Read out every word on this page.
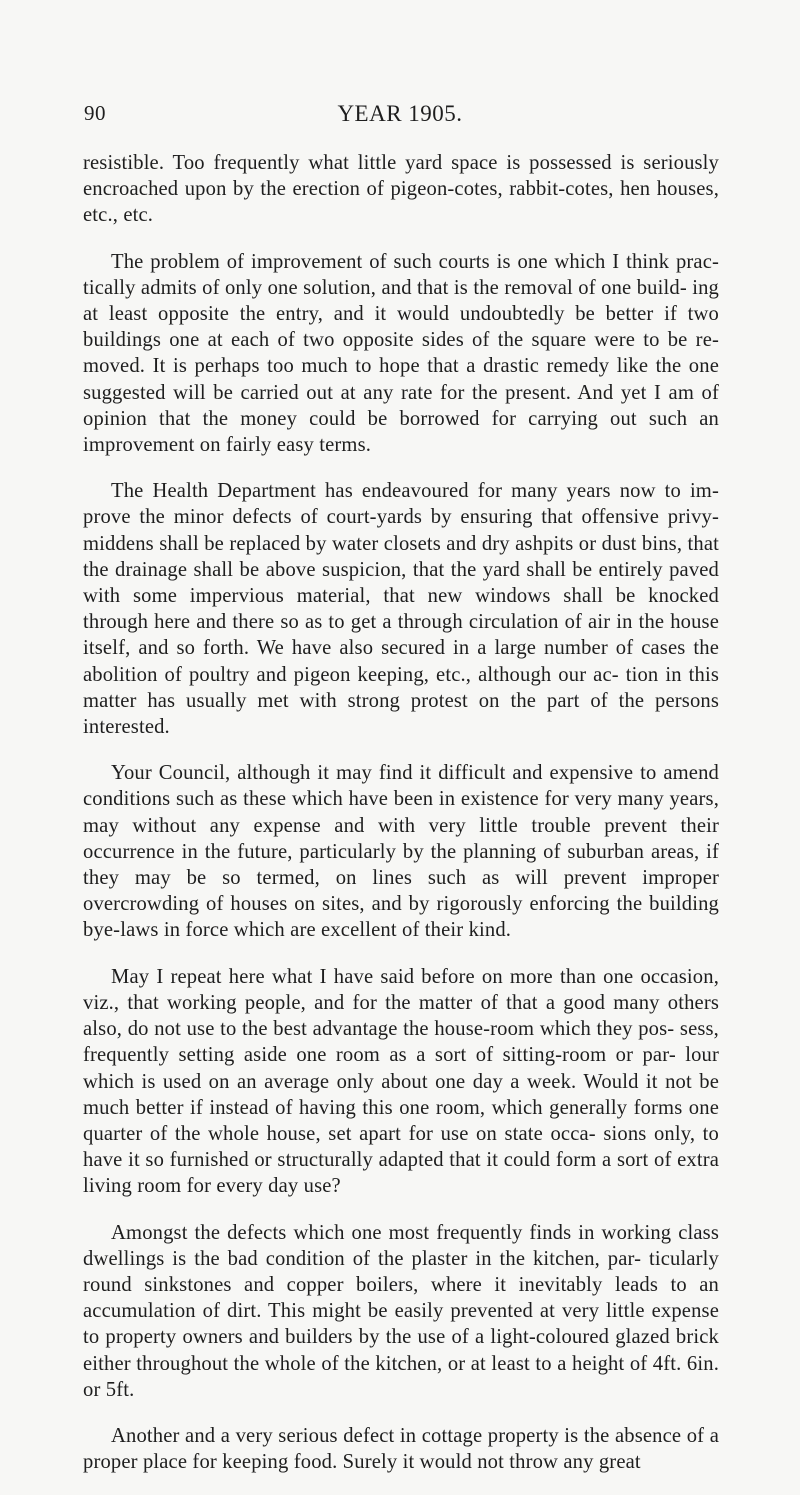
90	YEAR 1905.

resistible. Too frequently what little yard space is possessed is seriously encroached upon by the erection of pigeon-cotes, rabbit-cotes, hen houses, etc., etc.

The problem of improvement of such courts is one which I think prac- tically admits of only one solution, and that is the removal of one build- ing at least opposite the entry, and it would undoubtedly be better if two buildings one at each of two opposite sides of the square were to be re- moved. It is perhaps too much to hope that a drastic remedy like the one suggested will be carried out at any rate for the present. And yet I am of opinion that the money could be borrowed for carrying out such an improvement on fairly easy terms.

The Health Department has endeavoured for many years now to im- prove the minor defects of court-yards by ensuring that offensive privy- middens shall be replaced by water closets and dry ashpits or dust bins, that the drainage shall be above suspicion, that the yard shall be entirely paved with some impervious material, that new windows shall be knocked through here and there so as to get a through circulation of air in the house itself, and so forth. We have also secured in a large number of cases the abolition of poultry and pigeon keeping, etc., although our ac- tion in this matter has usually met with strong protest on the part of the persons interested.

Your Council, although it may find it difficult and expensive to amend conditions such as these which have been in existence for very many years, may without any expense and with very little trouble prevent their occurrence in the future, particularly by the planning of suburban areas, if they may be so termed, on lines such as will prevent improper overcrowding of houses on sites, and by rigorously enforcing the building bye-laws in force which are excellent of their kind.

May I repeat here what I have said before on more than one occasion, viz., that working people, and for the matter of that a good many others also, do not use to the best advantage the house-room which they pos- sess, frequently setting aside one room as a sort of sitting-room or par- lour which is used on an average only about one day a week. Would it not be much better if instead of having this one room, which generally forms one quarter of the whole house, set apart for use on state occa- sions only, to have it so furnished or structurally adapted that it could form a sort of extra living room for every day use?

Amongst the defects which one most frequently finds in working class dwellings is the bad condition of the plaster in the kitchen, par- ticularly round sinkstones and copper boilers, where it inevitably leads to an accumulation of dirt. This might be easily prevented at very little expense to property owners and builders by the use of a light-coloured glazed brick either throughout the whole of the kitchen, or at least to a height of 4ft. 6in. or 5ft.

Another and a very serious defect in cottage property is the absence of a proper place for keeping food. Surely it would not throw any great
